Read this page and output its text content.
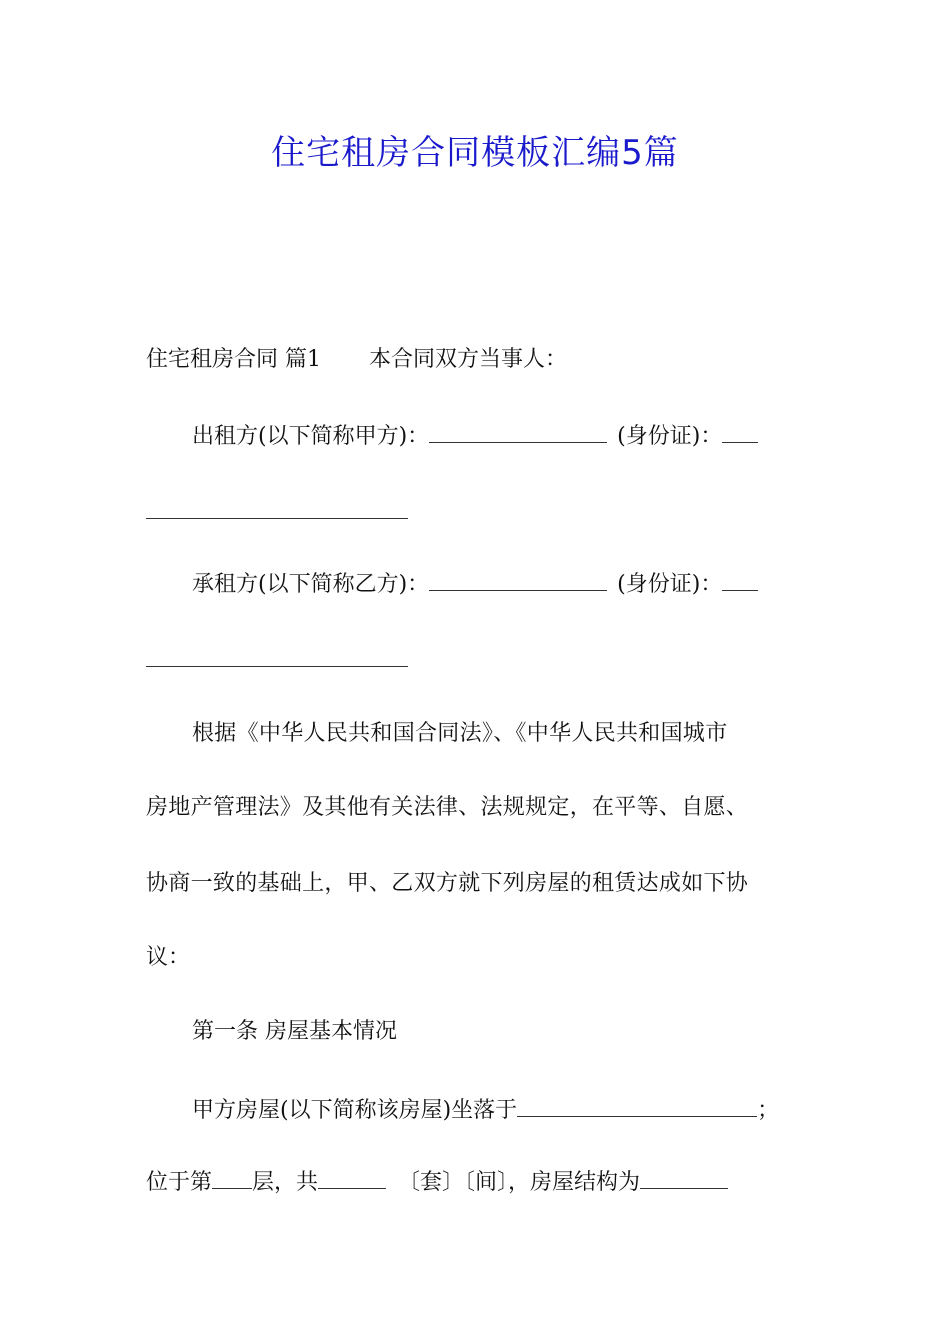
住宅租房合同模板汇编5篇
住宅租房合同 篇1 本合同双方当事人：
出租方(以下简称甲方)：	(身份证)：
承租方(以下简称乙方)：	(身份证)：
根据《中华人民共和国合同法》、《中华人民共和国城市
房地产管理法》及其他有关法律、法规规定，在平等、自愿、
协商一致的基础上，甲、乙双方就下列房屋的租赁达成如下协
议：
第一条 房屋基本情况
甲方房屋(以下简称该房屋)坐落于	；
位于第 层，共	〔套〕〔间〕，房屋结构为
